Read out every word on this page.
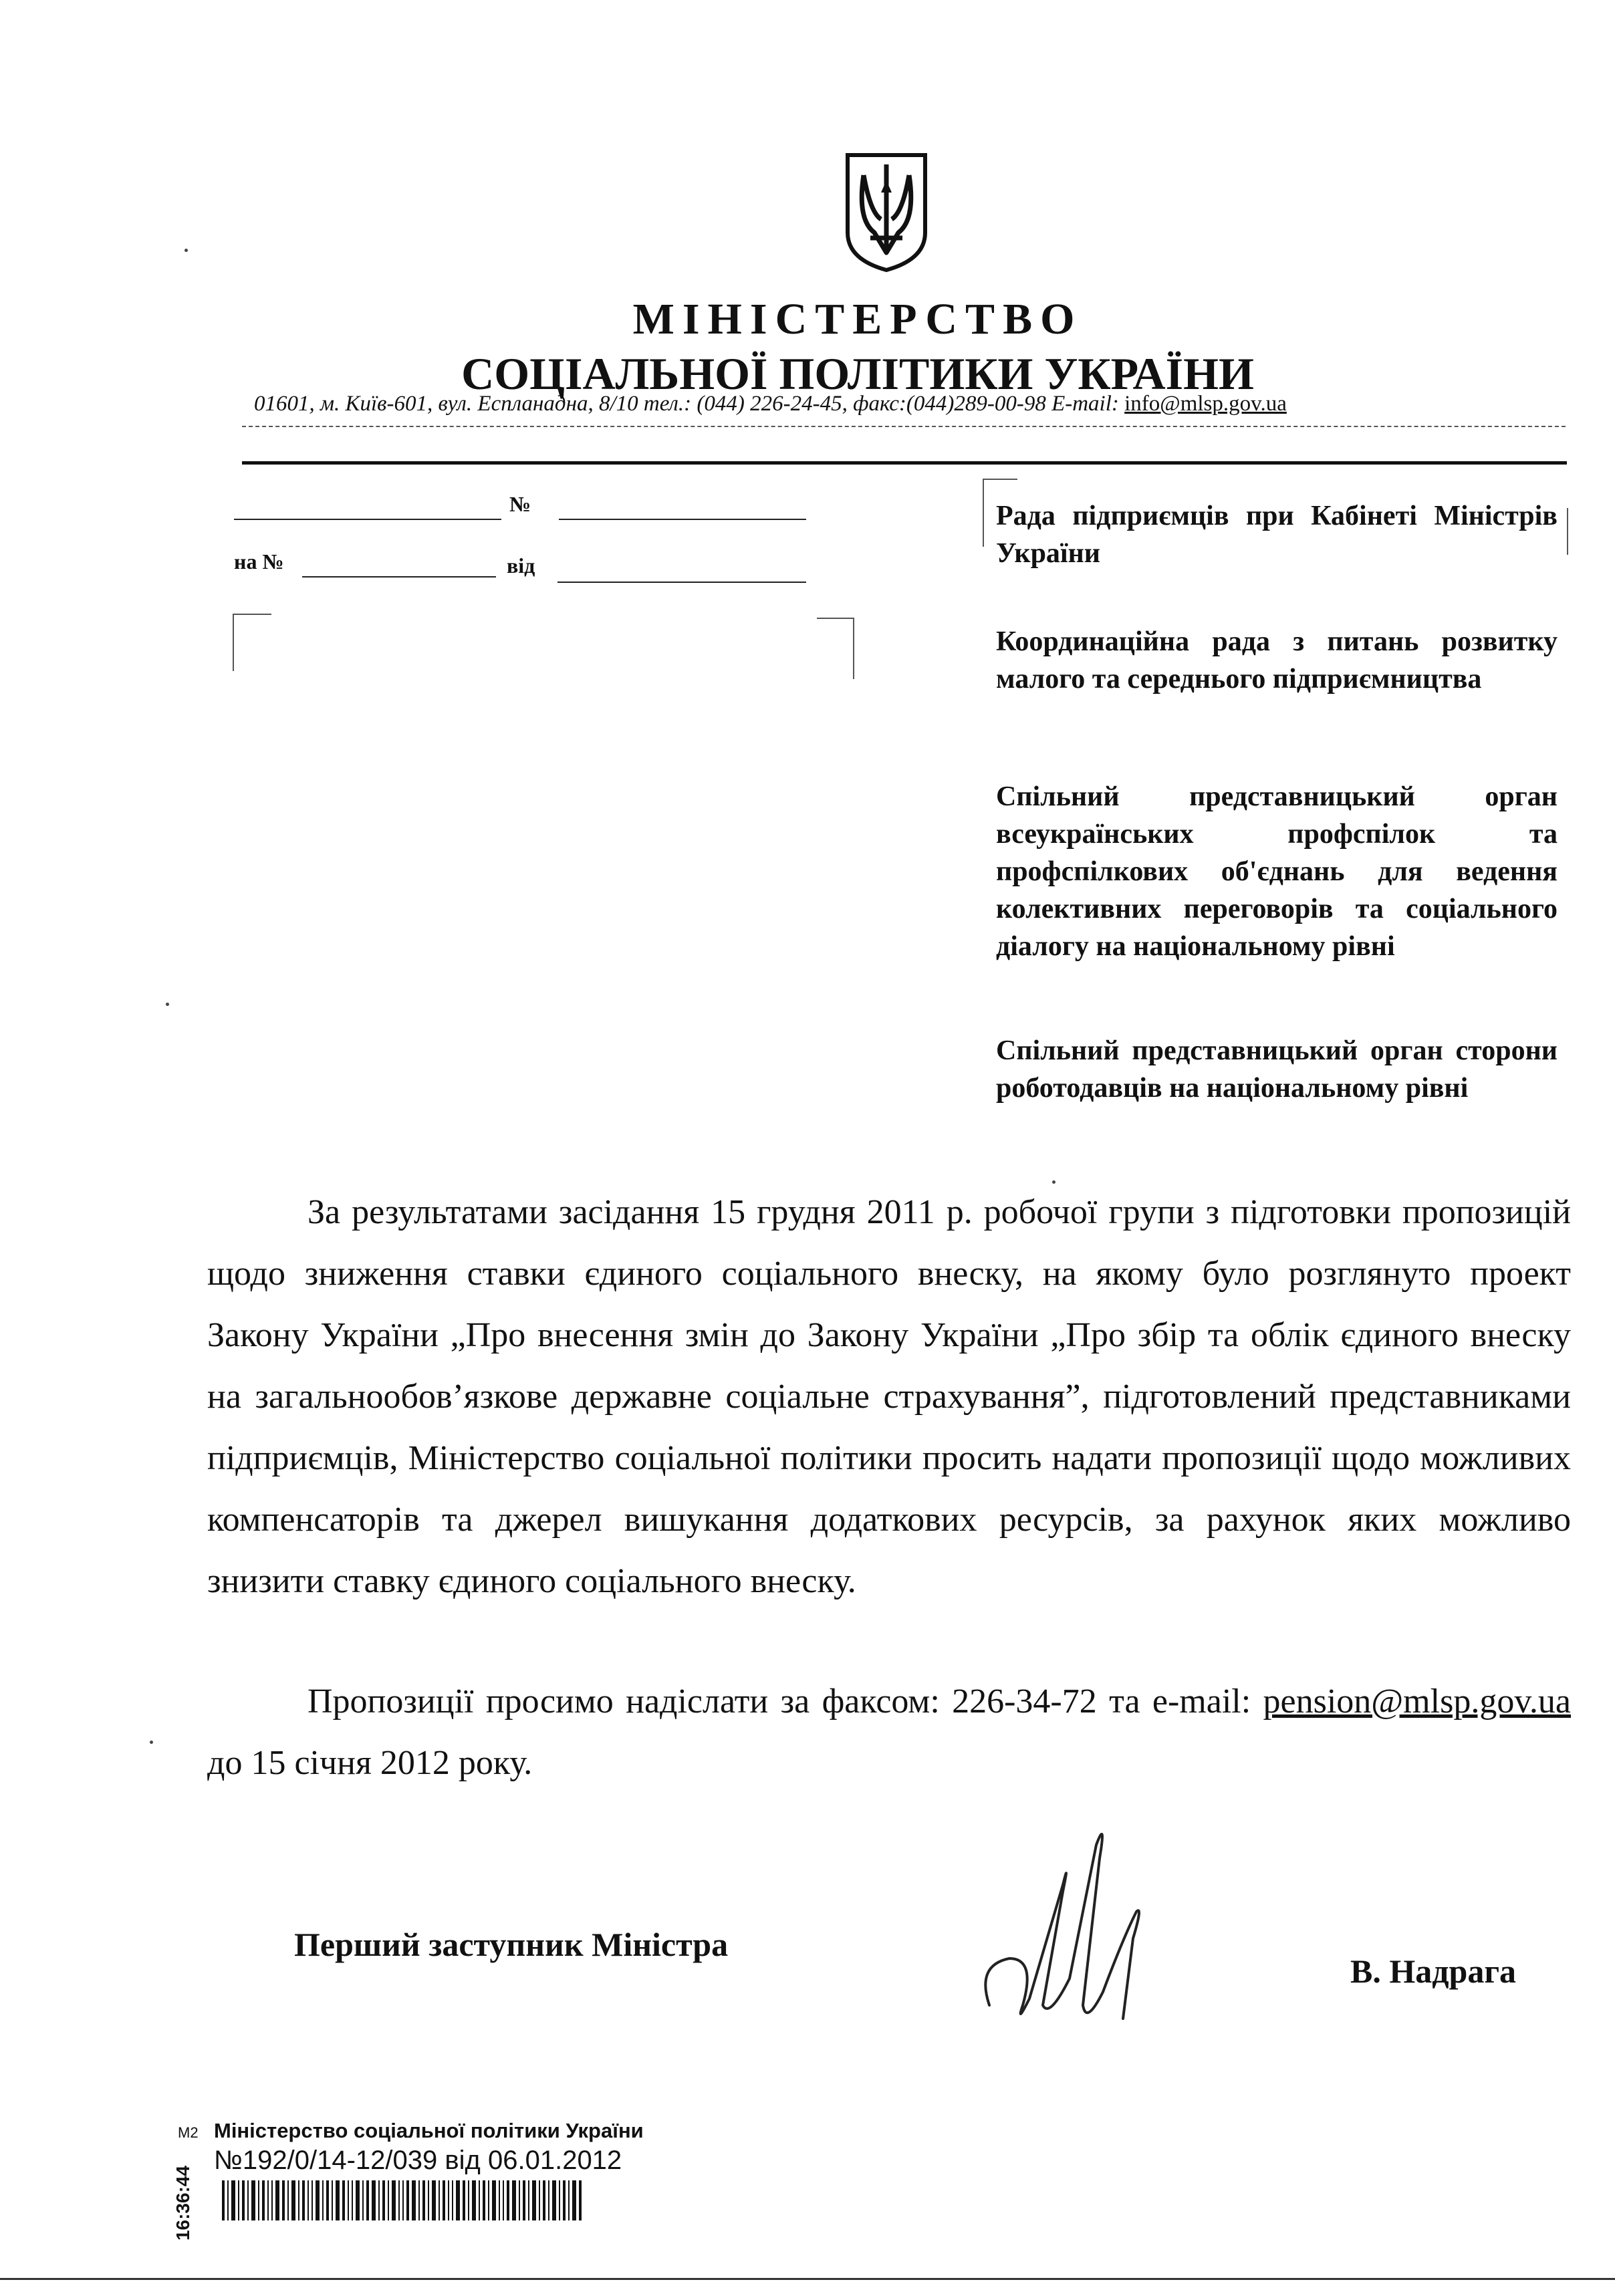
МІНІСТЕРСТВО
СОЦІАЛЬНОЇ ПОЛІТИКИ УКРАЇНИ
01601, м. Київ-601, вул. Еспланадна, 8/10 тел.: (044) 226-24-45, факс:(044)289-00-98 E-mail: info@mlsp.gov.ua
№
на №	від
Рада підприємців при Кабінеті Міністрів України
Координаційна рада з питань розвитку малого та середнього підприємництва
Спільний представницький орган всеукраїнських профспілок та профспілкових об'єднань для ведення колективних переговорів та соціального діалогу на національному рівні
Спільний представницький орган сторони роботодавців на національному рівні

За результатами засідання 15 грудня 2011 р. робочої групи з підготовки пропозицій щодо зниження ставки єдиного соціального внеску, на якому було розглянуто проект Закону України „Про внесення змін до Закону України „Про збір та облік єдиного внеску на загальнообов’язкове державне соціальне страхування”, підготовлений представниками підприємців, Міністерство соціальної політики просить надати пропозиції щодо можливих компенсаторів та джерел вишукання додаткових ресурсів, за рахунок яких можливо знизити ставку єдиного соціального внеску.

Пропозиції просимо надіслати за факсом: 226-34-72 та e-mail: pension@mlsp.gov.ua до 15 січня 2012 року.

Перший заступник Міністра
В. Надрага
М2
16:36:44
Міністерство соціальної політики України
№192/0/14-12/039 від 06.01.2012
